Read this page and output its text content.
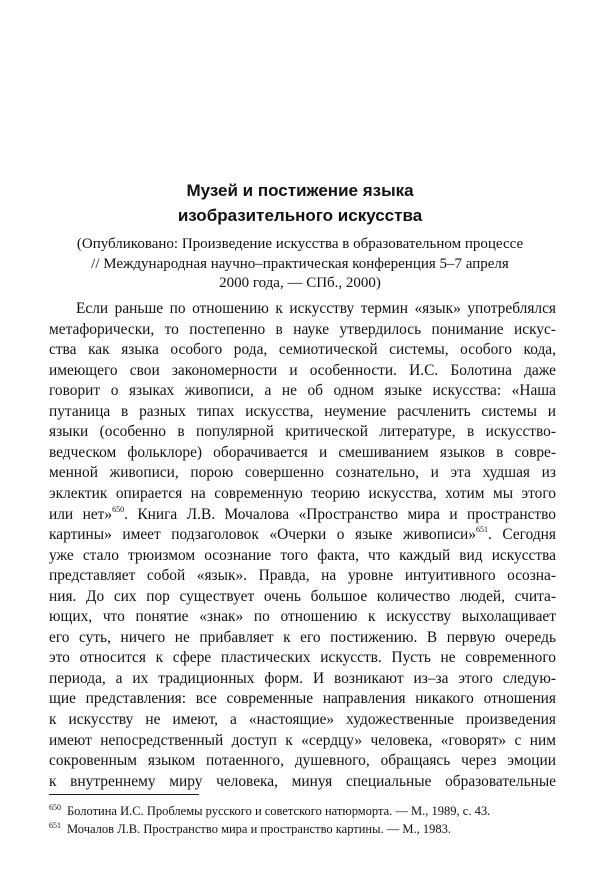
Музей и постижение языка
изобразительного искусства
(Опубликовано: Произведение искусства в образовательном процессе
// Международная научно–практическая конференция 5–7 апреля
2000 года, — СПб., 2000)
Если раньше по отношению к искусству термин «язык» употреблялся
метафорически, то постепенно в науке утвердилось понимание искус-
ства как языка особого рода, семиотической системы, особого кода,
имеющего свои закономерности и особенности. И.С. Болотина даже
говорит о языках живописи, а не об одном языке искусства: «Наша
путаница в разных типах искусства, неумение расчленить системы и
языки (особенно в популярной критической литературе, в искусство-
ведческом фольклоре) оборачивается и смешиванием языков в совре-
менной живописи, порою совершенно сознательно, и эта худшая из
эклектик опирается на современную теорию искусства, хотим мы этого
или нет»$^{650}$. Книга Л.В. Мочалова «Пространство мира и пространство
картины» имеет подзаголовок «Очерки о языке живописи»$^{651}$. Сегодня
уже стало трюизмом осознание того факта, что каждый вид искусства
представляет собой «язык». Правда, на уровне интуитивного осозна-
ния. До сих пор существует очень большое количество людей, счита-
ющих, что понятие «знак» по отношению к искусству выхолащивает
его суть, ничего не прибавляет к его постижению. В первую очередь
это относится к сфере пластических искусств. Пусть не современного
периода, а их традиционных форм. И возникают из–за этого следую-
щие представления: все современные направления никакого отношения
к искусству не имеют, а «настоящие» художественные произведения
имеют непосредственный доступ к «сердцу» человека, «говорят» с ним
сокровенным языком потаенного, душевного, обращаясь через эмоции
к внутреннему миру человека, минуя специальные образовательные
$^{650}$ Болотина И.С. Проблемы русского и советского натюрморта. — М., 1989, с. 43.
$^{651}$ Мочалов Л.В. Пространство мира и пространство картины. — М., 1983.
